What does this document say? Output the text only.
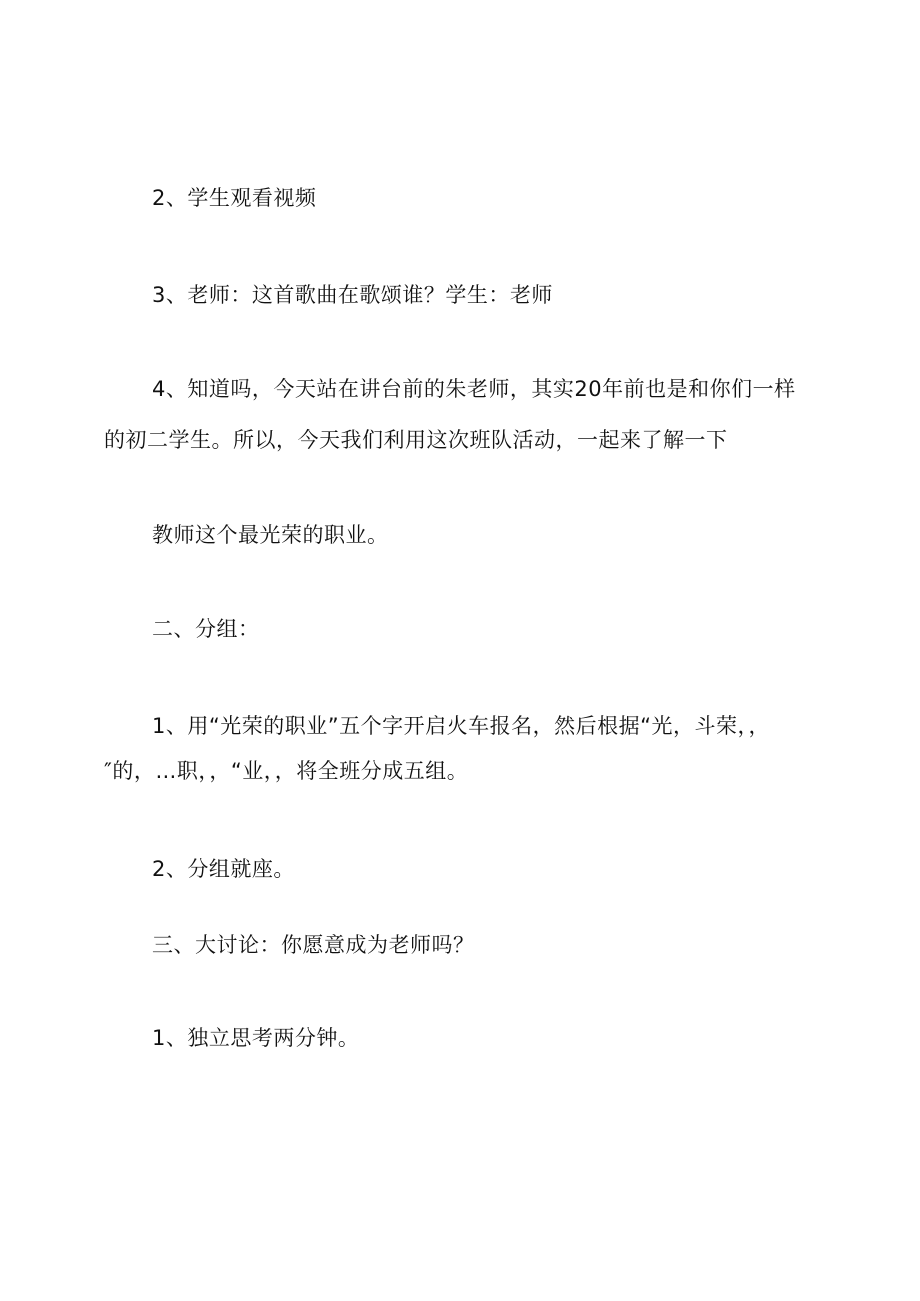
2、学生观看视频
3、老师：这首歌曲在歌颂谁？学生：老师
4、知道吗，今天站在讲台前的朱老师，其实20年前也是和你们一样
的初二学生。所以，今天我们利用这次班队活动，一起来了解一下
教师这个最光荣的职业。
二、分组：
1、用“光荣的职业”五个字开启火车报名，然后根据“光，斗荣，，
″的，…职，，“业，，将全班分成五组。
2、分组就座。
三、大讨论：你愿意成为老师吗？
1、独立思考两分钟。
